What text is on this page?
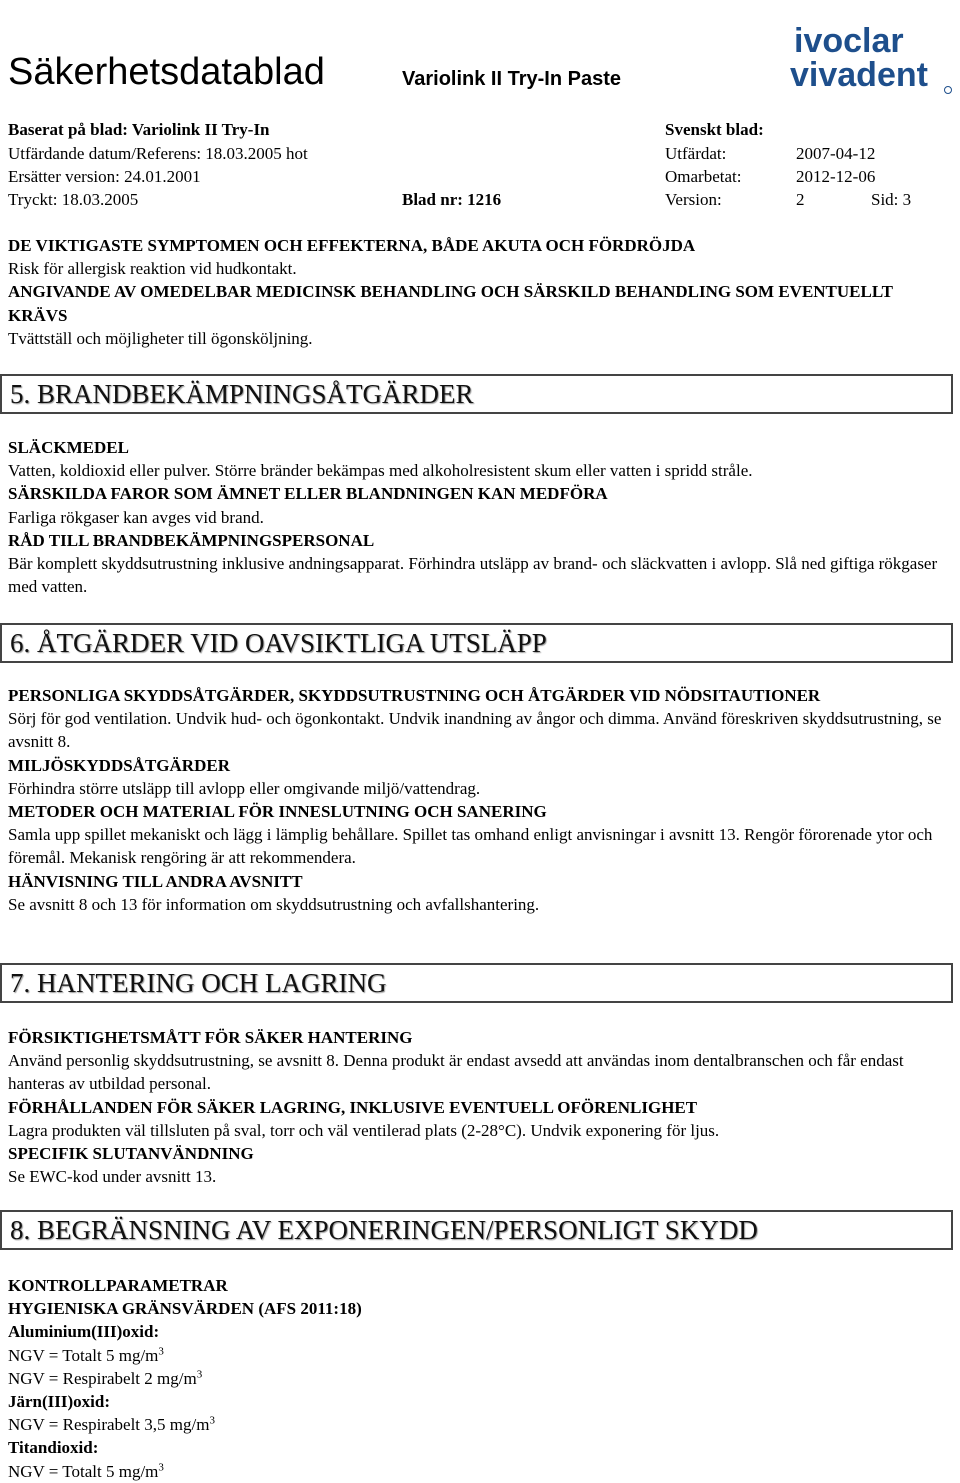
Säkerhetsdatablad	Variolink II Try-In Paste
ivoclar
vivadent
Baserat på blad: Variolink II Try-In
Utfärdande datum/Referens: 18.03.2005 hot
Ersätter version: 24.01.2001
Tryckt: 18.03.2005	Blad nr: 1216
Svenskt blad:
Utfärdat:	2007-04-12
Omarbetat:	2012-12-06
Version:	2	Sid: 3

DE VIKTIGASTE SYMPTOMEN OCH EFFEKTERNA, BÅDE AKUTA OCH FÖRDRÖJDA

Risk för allergisk reaktion vid hudkontakt.

ANGIVANDE AV OMEDELBAR MEDICINSK BEHANDLING OCH SÄRSKILD BEHANDLING SOM EVENTUELLT KRÄVS

Tvättställ och möjligheter till ögonsköljning.

5. BRANDBEKÄMPNINGSÅTGÄRDER

SLÄCKMEDEL

Vatten, koldioxid eller pulver. Större bränder bekämpas med alkoholresistent skum eller vatten i spridd stråle.

SÄRSKILDA FAROR SOM ÄMNET ELLER BLANDNINGEN KAN MEDFÖRA

Farliga rökgaser kan avges vid brand.

RÅD TILL BRANDBEKÄMPNINGSPERSONAL

Bär komplett skyddsutrustning inklusive andningsapparat. Förhindra utsläpp av brand- och släckvatten i avlopp. Slå ned giftiga rökgaser med vatten.

6. ÅTGÄRDER VID OAVSIKTLIGA UTSLÄPP

PERSONLIGA SKYDDSÅTGÄRDER, SKYDDSUTRUSTNING OCH ÅTGÄRDER VID NÖDSITAUTIONER

Sörj för god ventilation. Undvik hud- och ögonkontakt. Undvik inandning av ångor och dimma. Använd föreskriven skyddsutrustning, se avsnitt 8.

MILJÖSKYDDSÅTGÄRDER

Förhindra större utsläpp till avlopp eller omgivande miljö/vattendrag.

METODER OCH MATERIAL FÖR INNESLUTNING OCH SANERING

Samla upp spillet mekaniskt och lägg i lämplig behållare. Spillet tas omhand enligt anvisningar i avsnitt 13. Rengör förorenade ytor och föremål. Mekanisk rengöring är att rekommendera.

HÄNVISNING TILL ANDRA AVSNITT

Se avsnitt 8 och 13 för information om skyddsutrustning och avfallshantering.

7. HANTERING OCH LAGRING

FÖRSIKTIGHETSMÅTT FÖR SÄKER HANTERING

Använd personlig skyddsutrustning, se avsnitt 8. Denna produkt är endast avsedd att användas inom dentalbranschen och får endast hanteras av utbildad personal.

FÖRHÅLLANDEN FÖR SÄKER LAGRING, INKLUSIVE EVENTUELL OFÖRENLIGHET

Lagra produkten väl tillsluten på sval, torr och väl ventilerad plats (2-28°C). Undvik exponering för ljus.

SPECIFIK SLUTANVÄNDNING

Se EWC-kod under avsnitt 13.

8. BEGRÄNSNING AV EXPONERINGEN/PERSONLIGT SKYDD

KONTROLLPARAMETRAR

HYGIENISKA GRÄNSVÄRDEN (AFS 2011:18)

Aluminium(III)oxid:

NGV = Totalt 5 $mg/m^3$

NGV = Respirabelt 2 $mg/m^3$

Järn(III)oxid:

NGV = Respirabelt 3,5 $mg/m^3$

Titandioxid:

NGV = Totalt 5 $mg/m^3$
